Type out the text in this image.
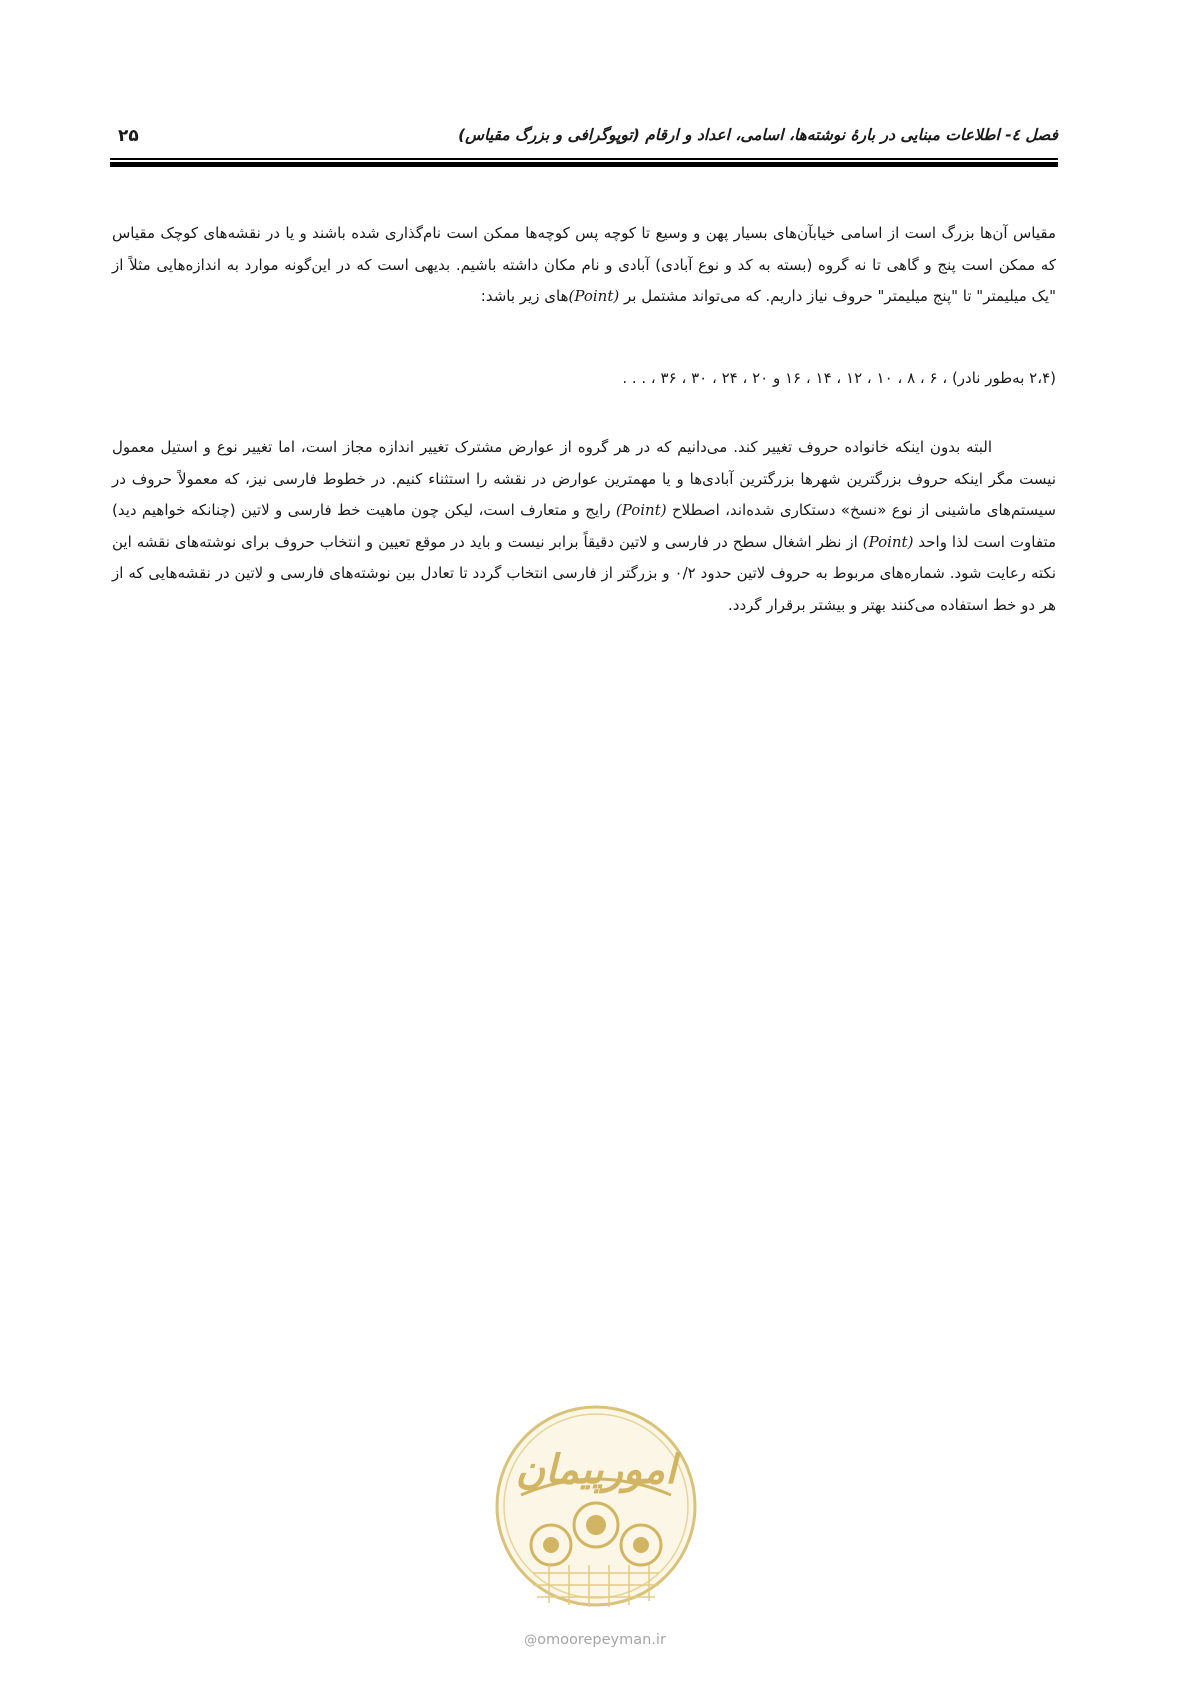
فصل ٤- اطلاعات مبنایی در بارهٔ نوشته‌ها، اسامی، اعداد و ارقام (توپوگرافی و بزرگ مقیاس)
۲۵

مقیاس آن‌ها بزرگ است از اسامی خیابآن‌های بسیار پهن و وسیع تا کوچه پس کوچه‌ها ممکن است نام‌گذاری شده باشند و یا در نقشه‌های کوچک مقیاس که ممکن است پنج و گاهی تا نه گروه (بسته به کد و نوع آبادی) آبادی و نام مکان داشته باشیم. بدیهی است که در این‌گونه موارد به اندازه‌هایی مثلاً از "یک میلیمتر" تا "پنج میلیمتر" حروف نیاز داریم. که می‌تواند مشتمل بر (Point)های زیر باشد:

(۲،۴ به‌طور نادر) ، ۶ ، ۸ ، ۱۰ ، ۱۲ ، ۱۴ ، ۱۶ و ۲۰ ، ۲۴ ، ۳۰ ، ۳۶ ، . . .

البته بدون اینکه خانواده حروف تغییر کند. می‌دانیم که در هر گروه از عوارض مشترک تغییر اندازه مجاز است، اما تغییر نوع و استیل معمول نیست مگر اینکه حروف بزرگترین شهرها بزرگترین آبادی‌ها و یا مهمترین عوارض در نقشه را استثناء کنیم. در خطوط فارسی نیز، که معمولاً حروف در سیستم‌های ماشینی از نوع «نسخ» دستکاری شده‌اند، اصطلاح (Point) رایج و متعارف است، لیکن چون ماهیت خط فارسی و لاتین (چنانکه خواهیم دید) متفاوت است لذا واحد (Point) از نظر اشغال سطح در فارسی و لاتین دقیقاً برابر نیست و باید در موقع تعیین و انتخاب حروف برای نوشته‌های نقشه این نکته رعایت شود. شماره‌های مربوط به حروف لاتین حدود ۰/۲ و بزرگتر از فارسی انتخاب گردد تا تعادل بین نوشته‌های فارسی و لاتین در نقشه‌هایی که از هر دو خط استفاده می‌کنند بهتر و بیشتر برقرار گردد.

امورپیمان
@omoorepeyman.ir
